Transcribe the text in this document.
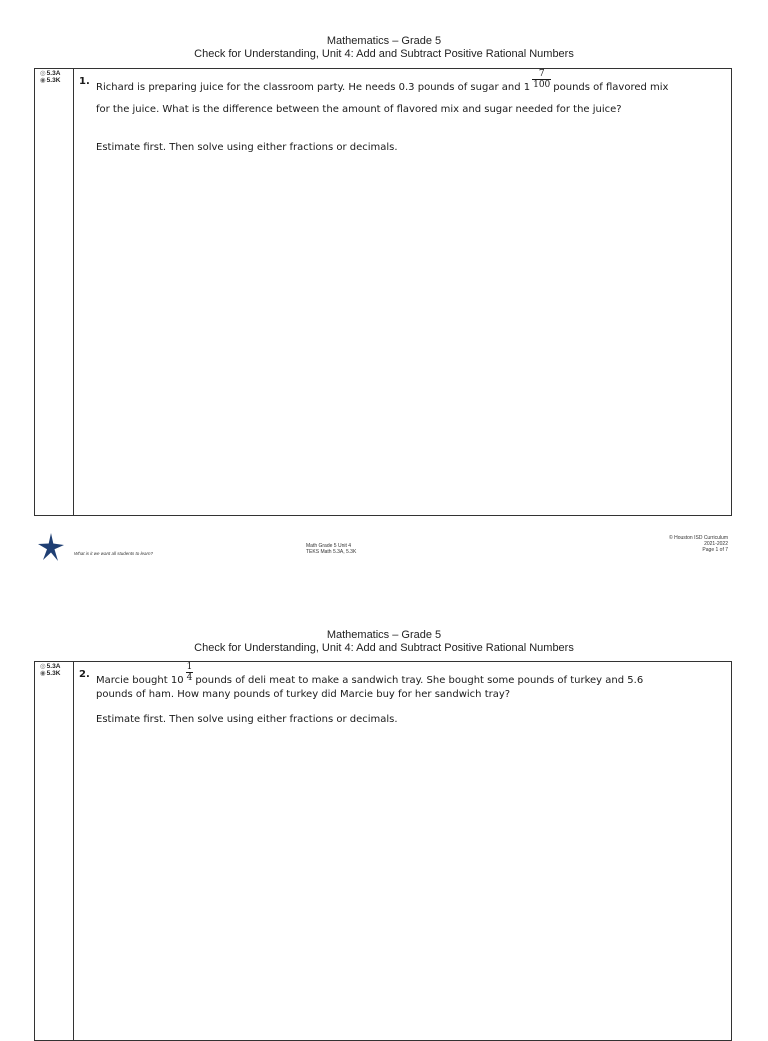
Mathematics – Grade 5
Check for Understanding, Unit 4: Add and Subtract Positive Rational Numbers
◎5.3A
◉5.3K	1. Richard is preparing juice for the classroom party. He needs 0.3 pounds of sugar and $1 \frac{7}{100}$ pounds of flavored mix
for the juice. What is the difference between the amount of flavored mix and sugar needed for the juice?
Estimate first. Then solve using either fractions or decimals.
What is it we want all students to learn?
Math Grade 5 Unit 4
TEKS Math 5.3A, 5.3K
© Houston ISD Curriculum
2021-2022
Page 1 of 7
Mathematics – Grade 5
Check for Understanding, Unit 4: Add and Subtract Positive Rational Numbers
◎5.3A
◉5.3K	2. Marcie bought $10 \frac{1}{4}$ pounds of deli meat to make a sandwich tray. She bought some pounds of turkey and 5.6
pounds of ham. How many pounds of turkey did Marcie buy for her sandwich tray?
Estimate first. Then solve using either fractions or decimals.
